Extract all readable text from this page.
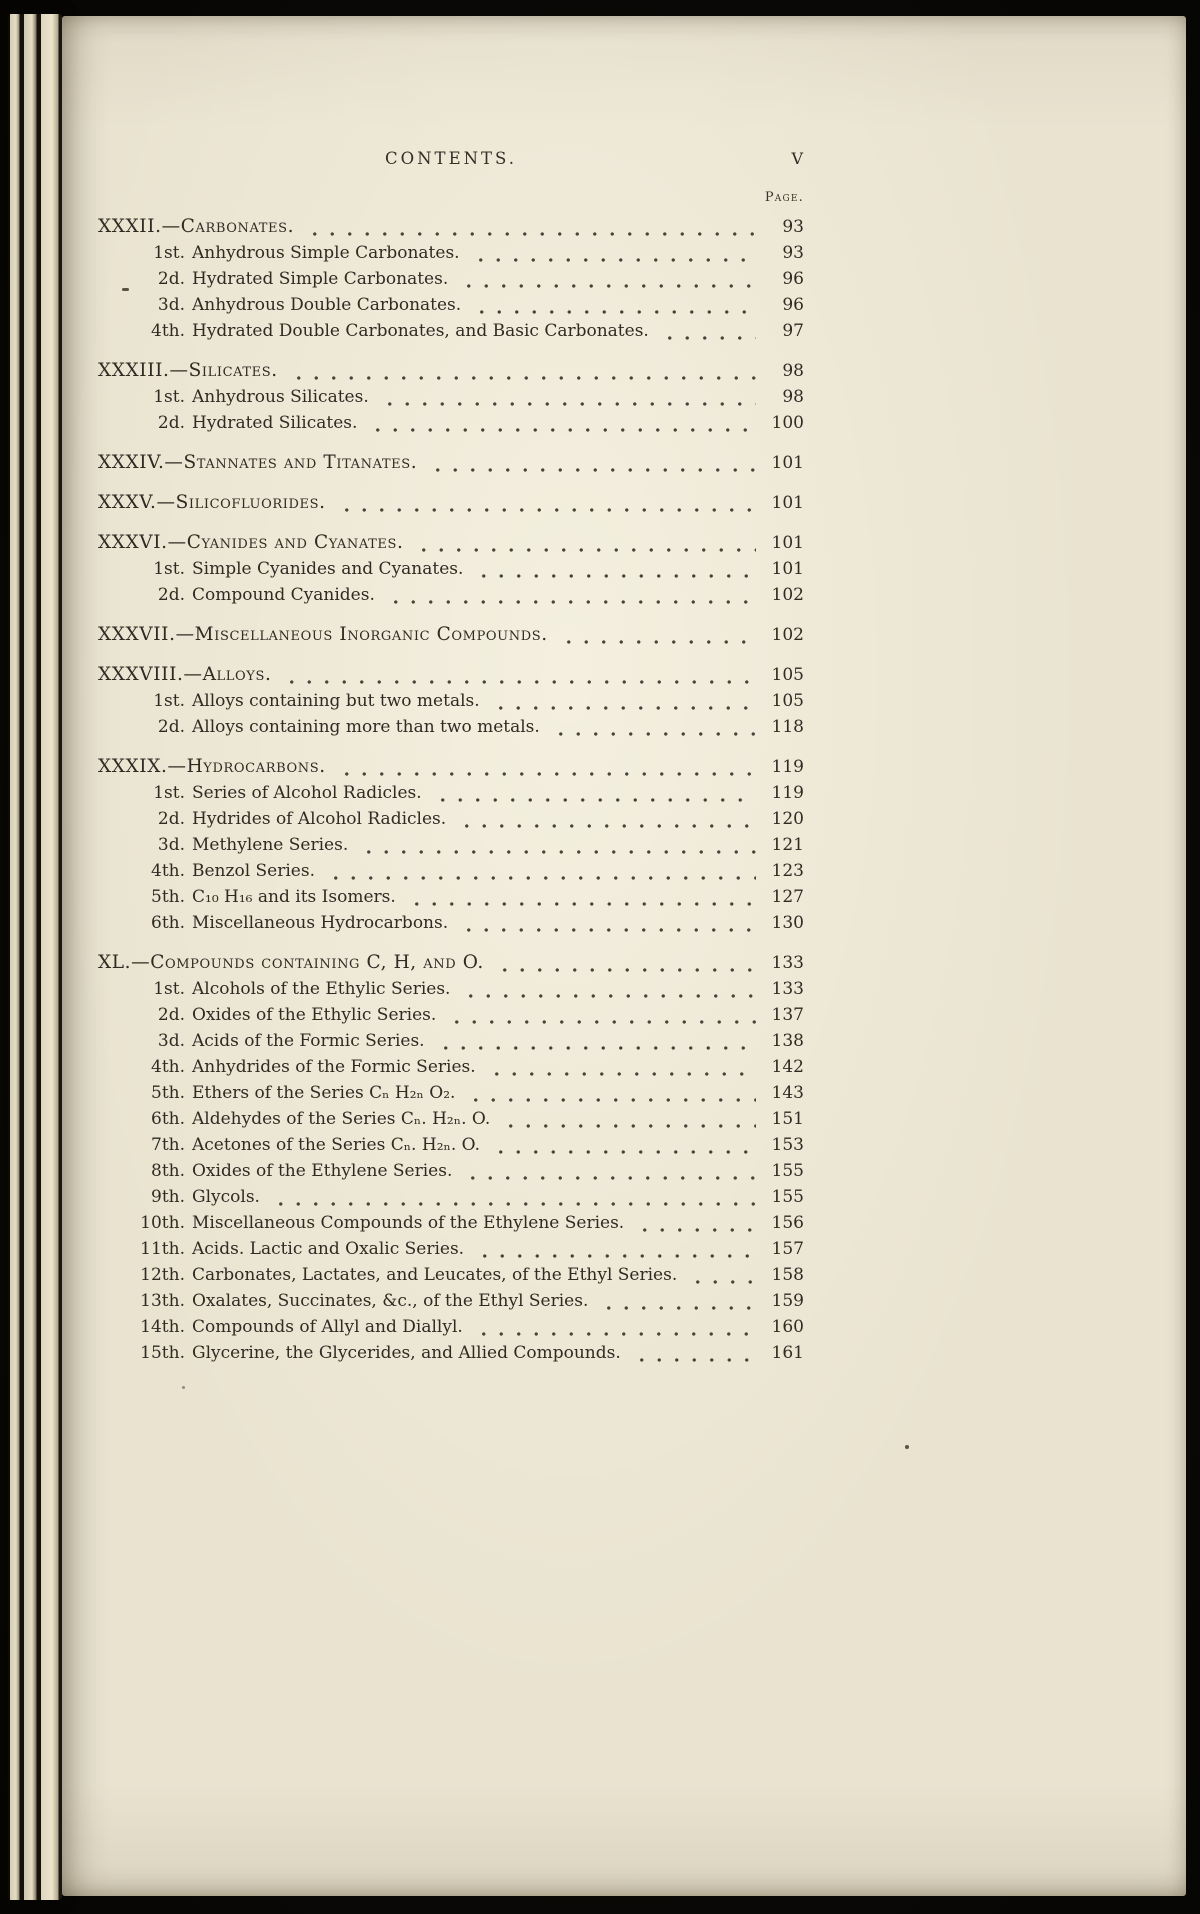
CONTENTS.	V
Page.
XXXII.—Carbonates.	93
1st. Anhydrous Simple Carbonates.	93
2d. Hydrated Simple Carbonates.	96
3d. Anhydrous Double Carbonates.	96
4th. Hydrated Double Carbonates, and Basic Carbonates.	97
XXXIII.—Silicates.	98
1st. Anhydrous Silicates.	98
2d. Hydrated Silicates.	100
XXXIV.—Stannates and Titanates.	101
XXXV.—Silicofluorides.	101
XXXVI.—Cyanides and Cyanates.	101
1st. Simple Cyanides and Cyanates.	101
2d. Compound Cyanides.	102
XXXVII.—Miscellaneous Inorganic Compounds.	102
XXXVIII.—Alloys.	105
1st. Alloys containing but two metals.	105
2d. Alloys containing more than two metals.	118
XXXIX.—Hydrocarbons.	119
1st. Series of Alcohol Radicles.	119
2d. Hydrides of Alcohol Radicles.	120
3d. Methylene Series.	121
4th. Benzol Series.	123
5th. C₁₀ H₁₆ and its Isomers.	127
6th. Miscellaneous Hydrocarbons.	130
XL.—Compounds containing C, H, and O.	133
1st. Alcohols of the Ethylic Series.	133
2d. Oxides of the Ethylic Series.	137
3d. Acids of the Formic Series.	138
4th. Anhydrides of the Formic Series.	142
5th. Ethers of the Series Cₙ H₂ₙ O₂.	143
6th. Aldehydes of the Series Cₙ. H₂ₙ. O.	151
7th. Acetones of the Series Cₙ. H₂ₙ. O.	153
8th. Oxides of the Ethylene Series.	155
9th. Glycols.	155
10th. Miscellaneous Compounds of the Ethylene Series.	156
11th. Acids. Lactic and Oxalic Series.	157
12th. Carbonates, Lactates, and Leucates, of the Ethyl Series.	158
13th. Oxalates, Succinates, &c., of the Ethyl Series.	159
14th. Compounds of Allyl and Diallyl.	160
15th. Glycerine, the Glycerides, and Allied Compounds.	161
